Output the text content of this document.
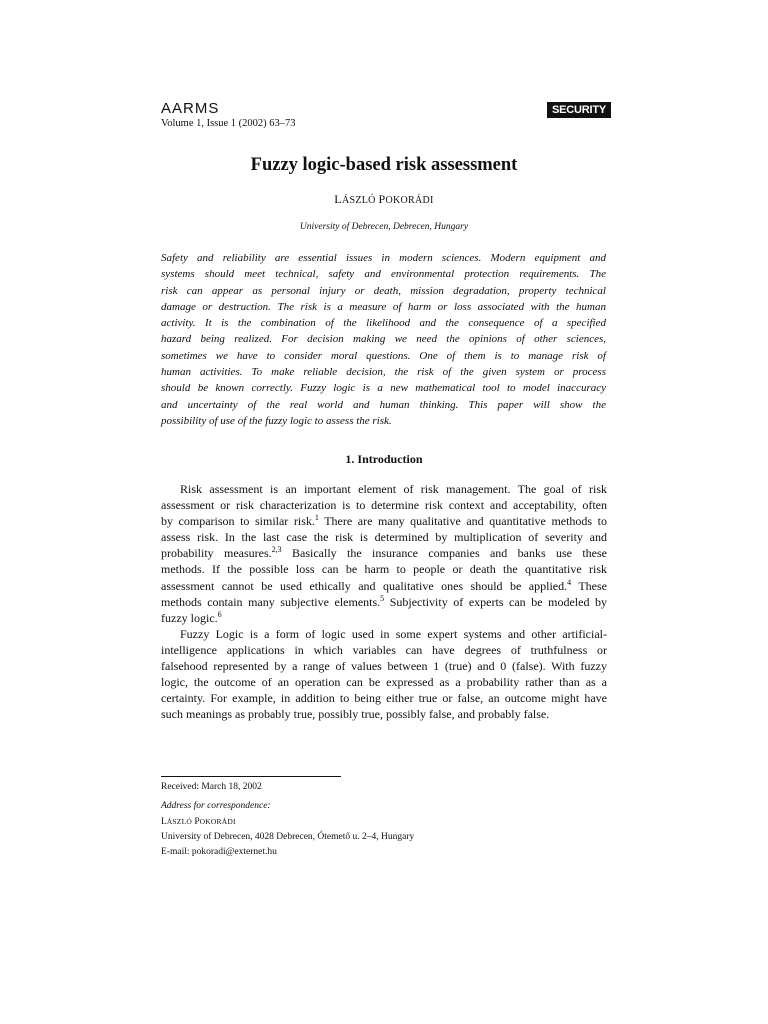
AARMS
Volume 1, Issue 1 (2002) 63–73
SECURITY
Fuzzy logic-based risk assessment
LÁSZLÓ POKORÁDI
University of Debrecen, Debrecen, Hungary
Safety and reliability are essential issues in modern sciences. Modern equipment and
systems should meet technical, safety and environmental protection requirements. The
risk can appear as personal injury or death, mission degradation, property technical
damage or destruction. The risk is a measure of harm or loss associated with the human
activity. It is the combination of the likelihood and the consequence of a specified
hazard being realized. For decision making we need the opinions of other sciences,
sometimes we have to consider moral questions. One of them is to manage risk of
human activities. To make reliable decision, the risk of the given system or process
should be known correctly. Fuzzy logic is a new mathematical tool to model inaccuracy
and uncertainty of the real world and human thinking. This paper will show the
possibility of use of the fuzzy logic to assess the risk.
1. Introduction
Risk assessment is an important element of risk management. The goal of risk
assessment or risk characterization is to determine risk context and acceptability, often
by comparison to similar risk.$^1$ There are many qualitative and quantitative methods to
assess risk. In the last case the risk is determined by multiplication of severity and
probability measures.$^{2,3}$ Basically the insurance companies and banks use these
methods. If the possible loss can be harm to people or death the quantitative risk
assessment cannot be used ethically and qualitative ones should be applied.$^4$ These
methods contain many subjective elements.$^5$ Subjectivity of experts can be modeled by
fuzzy logic.$^6$
Fuzzy Logic is a form of logic used in some expert systems and other artificial-
intelligence applications in which variables can have degrees of truthfulness or
falsehood represented by a range of values between 1 (true) and 0 (false). With fuzzy
logic, the outcome of an operation can be expressed as a probability rather than as a
certainty. For example, in addition to being either true or false, an outcome might have
such meanings as probably true, possibly true, possibly false, and probably false.
Received: March 18, 2002
Address for correspondence:
LÁSZLÓ POKORÁDI
University of Debrecen, 4028 Debrecen, Ótemető u. 2–4, Hungary
E-mail: pokoradi@externet.hu
